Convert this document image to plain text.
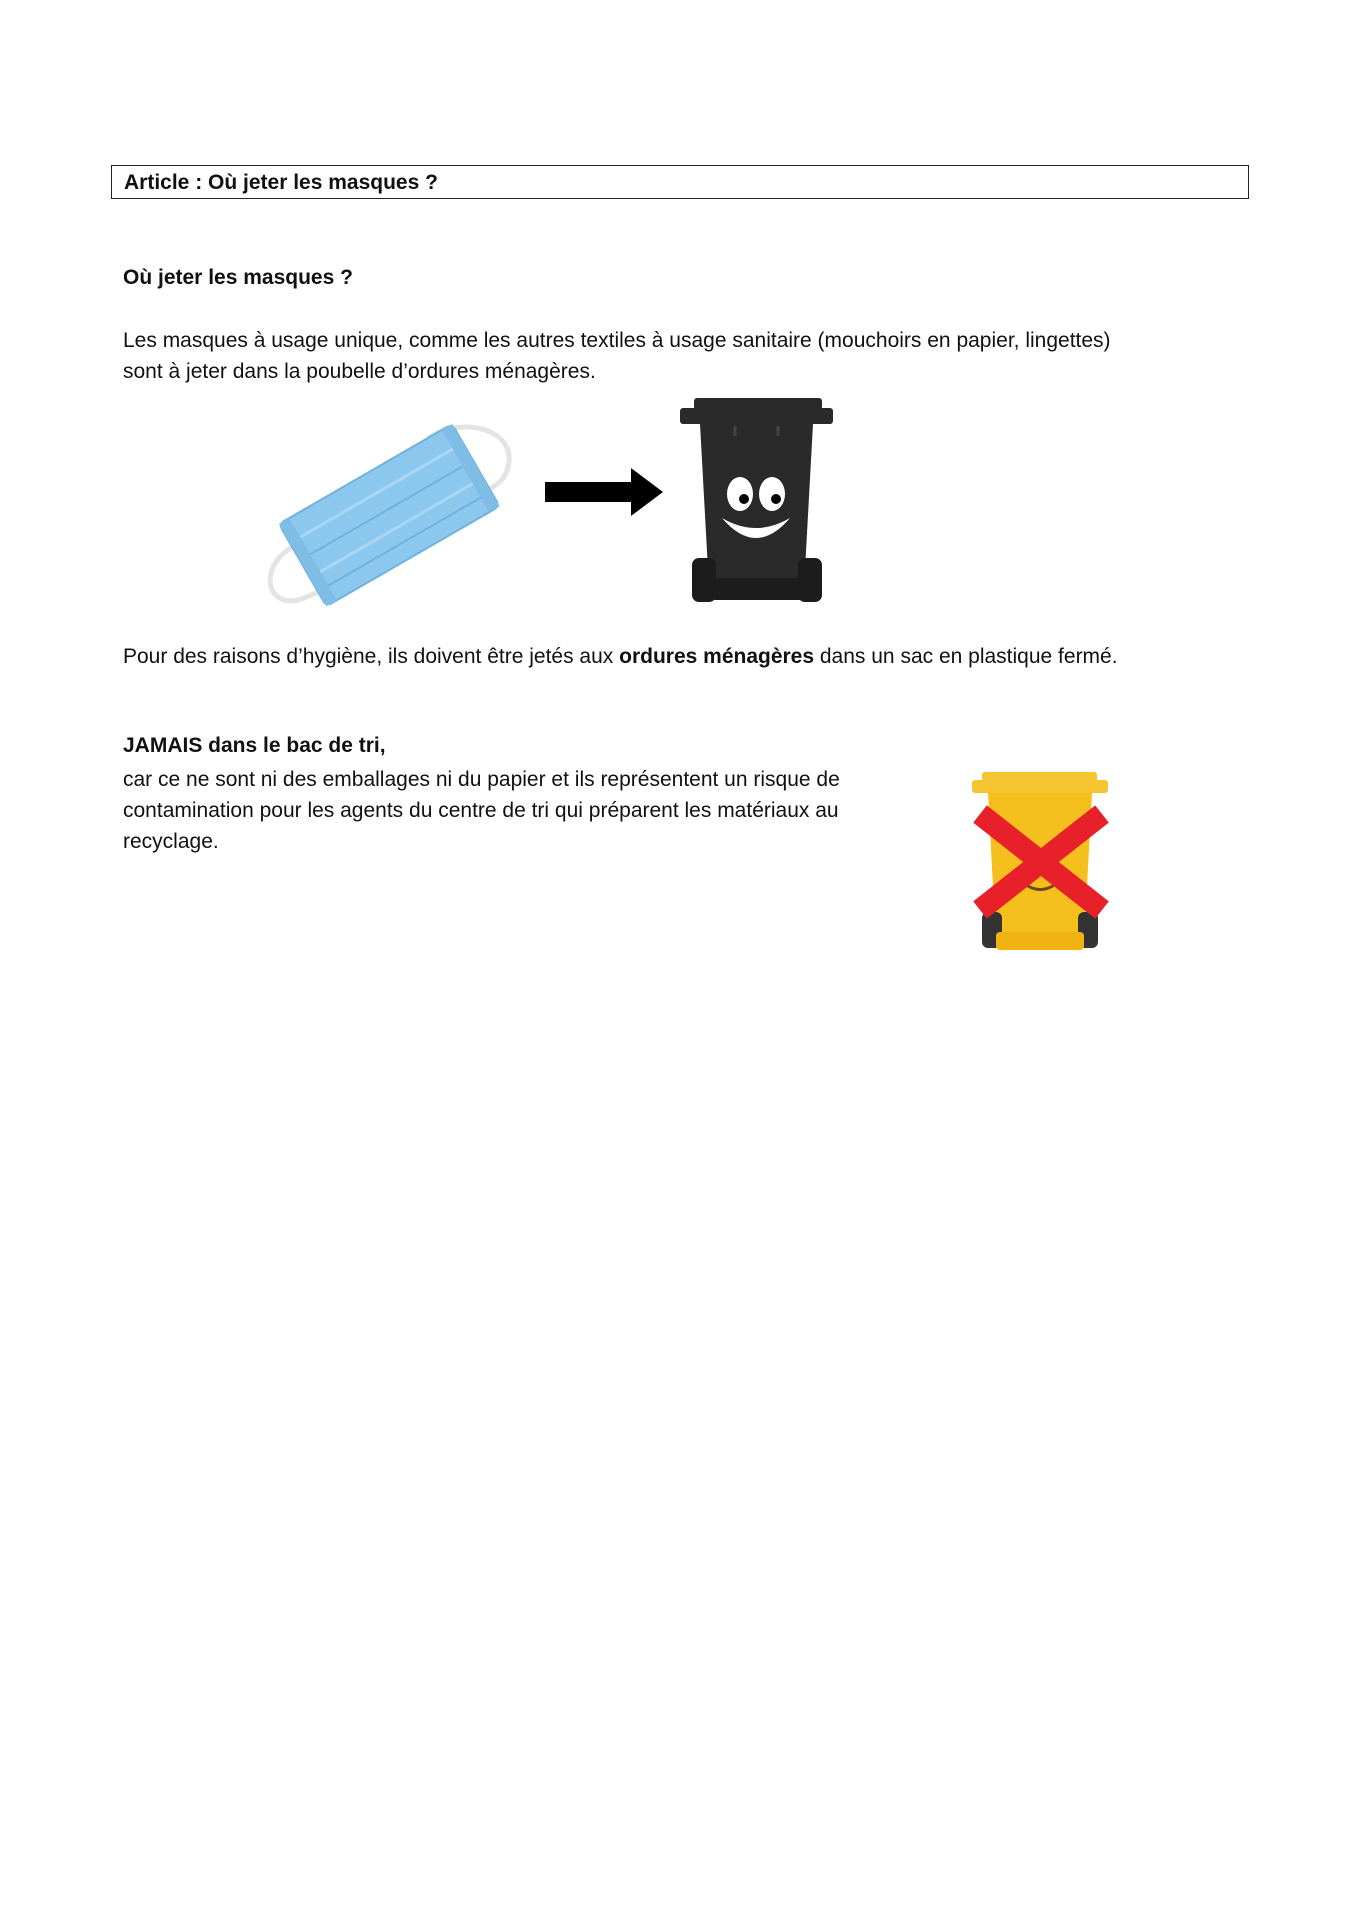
Article : Où jeter les masques ?
Où jeter les masques ?
Les masques à usage unique, comme les autres textiles à usage sanitaire (mouchoirs en papier, lingettes)
sont à jeter dans la poubelle d’ordures ménagères.
Pour des raisons d’hygiène, ils doivent être jetés aux ordures ménagères dans un sac en plastique fermé.
JAMAIS dans le bac de tri,
car ce ne sont ni des emballages ni du papier et ils représentent un risque de
contamination pour les agents du centre de tri qui préparent les matériaux au
recyclage.
